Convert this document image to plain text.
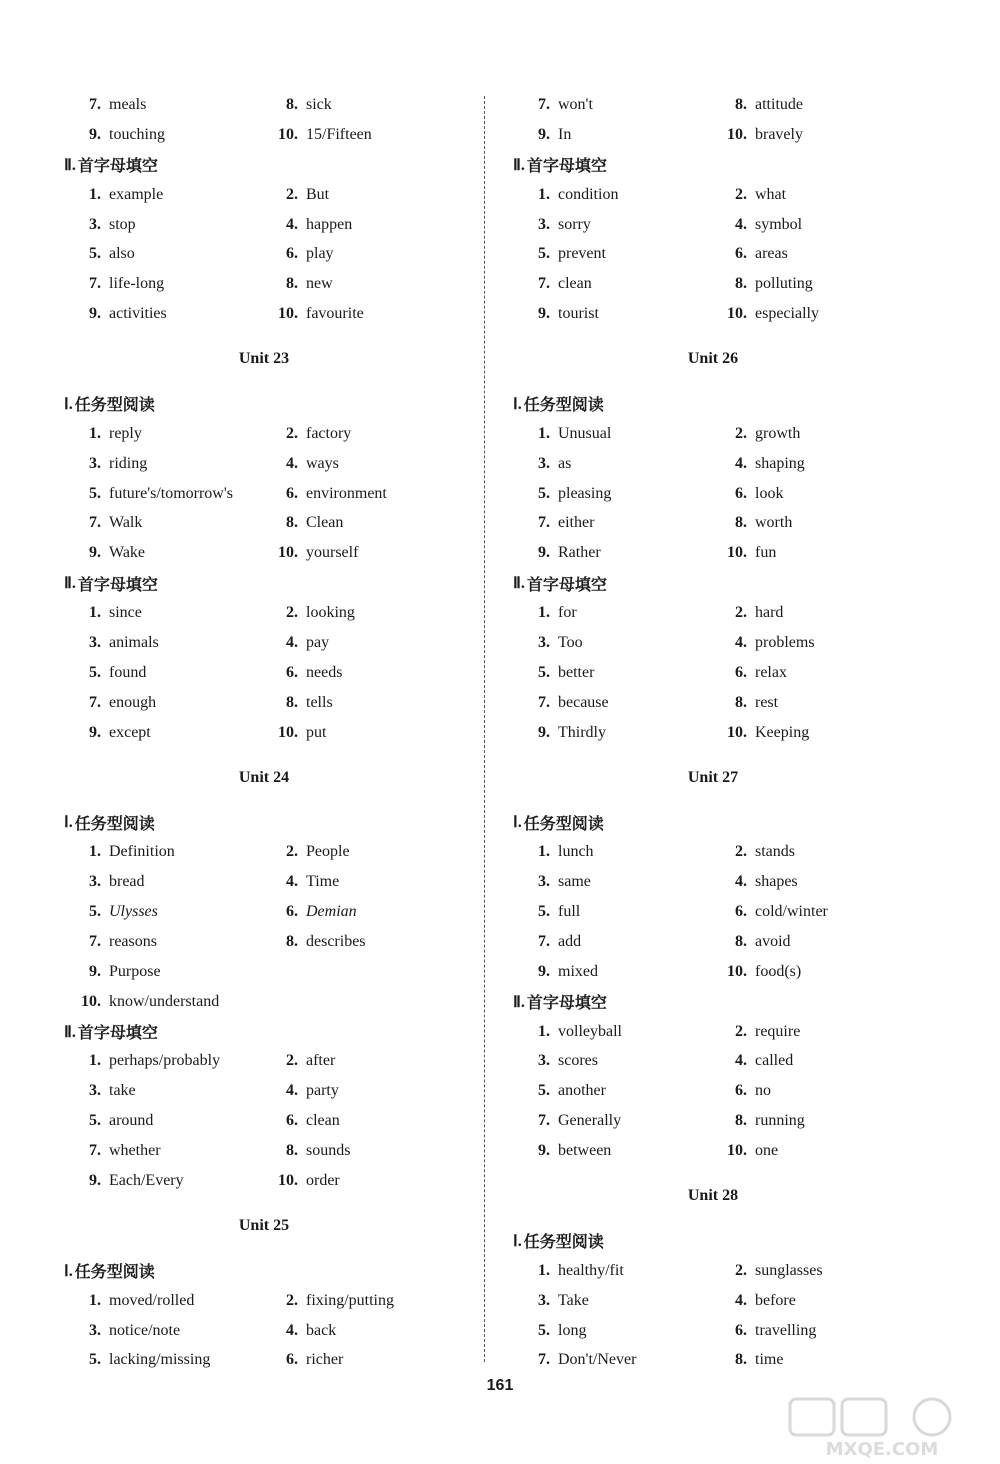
7. meals	8. sick
9. touching	10. 15/Fifteen
Ⅱ. 首字母填空
1. example	2. But
3. stop	4. happen
5. also	6. play
7. life-long	8. new
9. activities	10. favourite
Unit 23
Ⅰ. 任务型阅读
1. reply	2. factory
3. riding	4. ways
5. future's/tomorrow's	6. environment
7. Walk	8. Clean
9. Wake	10. yourself
Ⅱ. 首字母填空
1. since	2. looking
3. animals	4. pay
5. found	6. needs
7. enough	8. tells
9. except	10. put
Unit 24
Ⅰ. 任务型阅读
1. Definition	2. People
3. bread	4. Time
5. Ulysses	6. Demian
7. reasons	8. describes
9. Purpose
10. know/understand
Ⅱ. 首字母填空
1. perhaps/probably	2. after
3. take	4. party
5. around	6. clean
7. whether	8. sounds
9. Each/Every	10. order
Unit 25
Ⅰ. 任务型阅读
1. moved/rolled	2. fixing/putting
3. notice/note	4. back
5. lacking/missing	6. richer
7. won't	8. attitude
9. In	10. bravely
Ⅱ. 首字母填空
1. condition	2. what
3. sorry	4. symbol
5. prevent	6. areas
7. clean	8. polluting
9. tourist	10. especially
Unit 26
Ⅰ. 任务型阅读
1. Unusual	2. growth
3. as	4. shaping
5. pleasing	6. look
7. either	8. worth
9. Rather	10. fun
Ⅱ. 首字母填空
1. for	2. hard
3. Too	4. problems
5. better	6. relax
7. because	8. rest
9. Thirdly	10. Keeping
Unit 27
Ⅰ. 任务型阅读
1. lunch	2. stands
3. same	4. shapes
5. full	6. cold/winter
7. add	8. avoid
9. mixed	10. food(s)
Ⅱ. 首字母填空
1. volleyball	2. require
3. scores	4. called
5. another	6. no
7. Generally	8. running
9. between	10. one
Unit 28
Ⅰ. 任务型阅读
1. healthy/fit	2. sunglasses
3. Take	4. before
5. long	6. travelling
7. Don't/Never	8. time
161
MXQE.COM
